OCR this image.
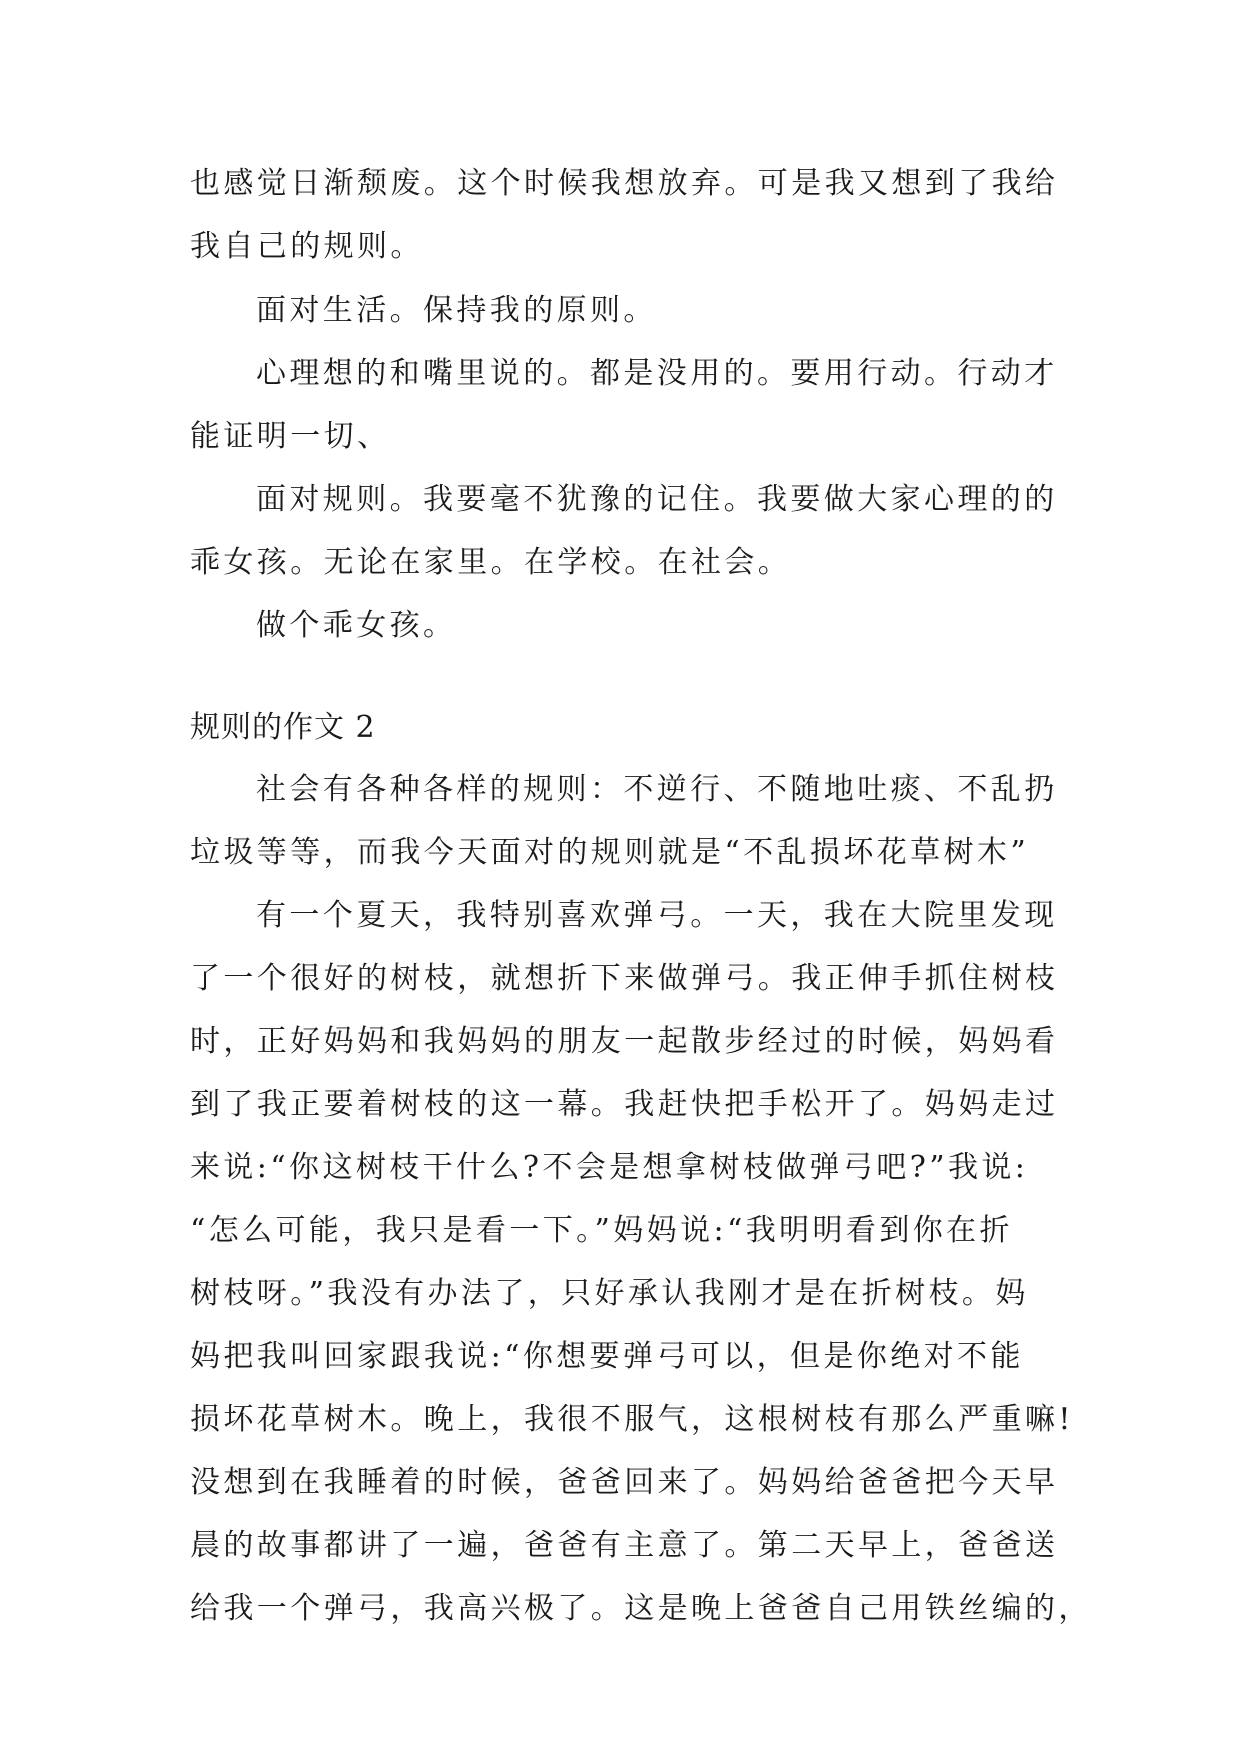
也感觉日渐颓废。这个时候我想放弃。可是我又想到了我给
我自己的规则。
面对生活。保持我的原则。
心理想的和嘴里说的。都是没用的。要用行动。行动才
能证明一切、
面对规则。我要毫不犹豫的记住。我要做大家心理的的
乖女孩。无论在家里。在学校。在社会。
做个乖女孩。
规则的作文 2
社会有各种各样的规则：不逆行、不随地吐痰、不乱扔
垃圾等等，而我今天面对的规则就是“不乱损坏花草树木”
有一个夏天，我特别喜欢弹弓。一天，我在大院里发现
了一个很好的树枝，就想折下来做弹弓。我正伸手抓住树枝
时，正好妈妈和我妈妈的朋友一起散步经过的时候，妈妈看
到了我正要着树枝的这一幕。我赶快把手松开了。妈妈走过
来说:“你这树枝干什么?不会是想拿树枝做弹弓吧?”我说:
“怎么可能，我只是看一下。”妈妈说:“我明明看到你在折
树枝呀。”我没有办法了，只好承认我刚才是在折树枝。妈
妈把我叫回家跟我说:“你想要弹弓可以，但是你绝对不能
损坏花草树木。晚上，我很不服气，这根树枝有那么严重嘛!
没想到在我睡着的时候，爸爸回来了。妈妈给爸爸把今天早
晨的故事都讲了一遍，爸爸有主意了。第二天早上，爸爸送
给我一个弹弓，我高兴极了。这是晚上爸爸自己用铁丝编的，
